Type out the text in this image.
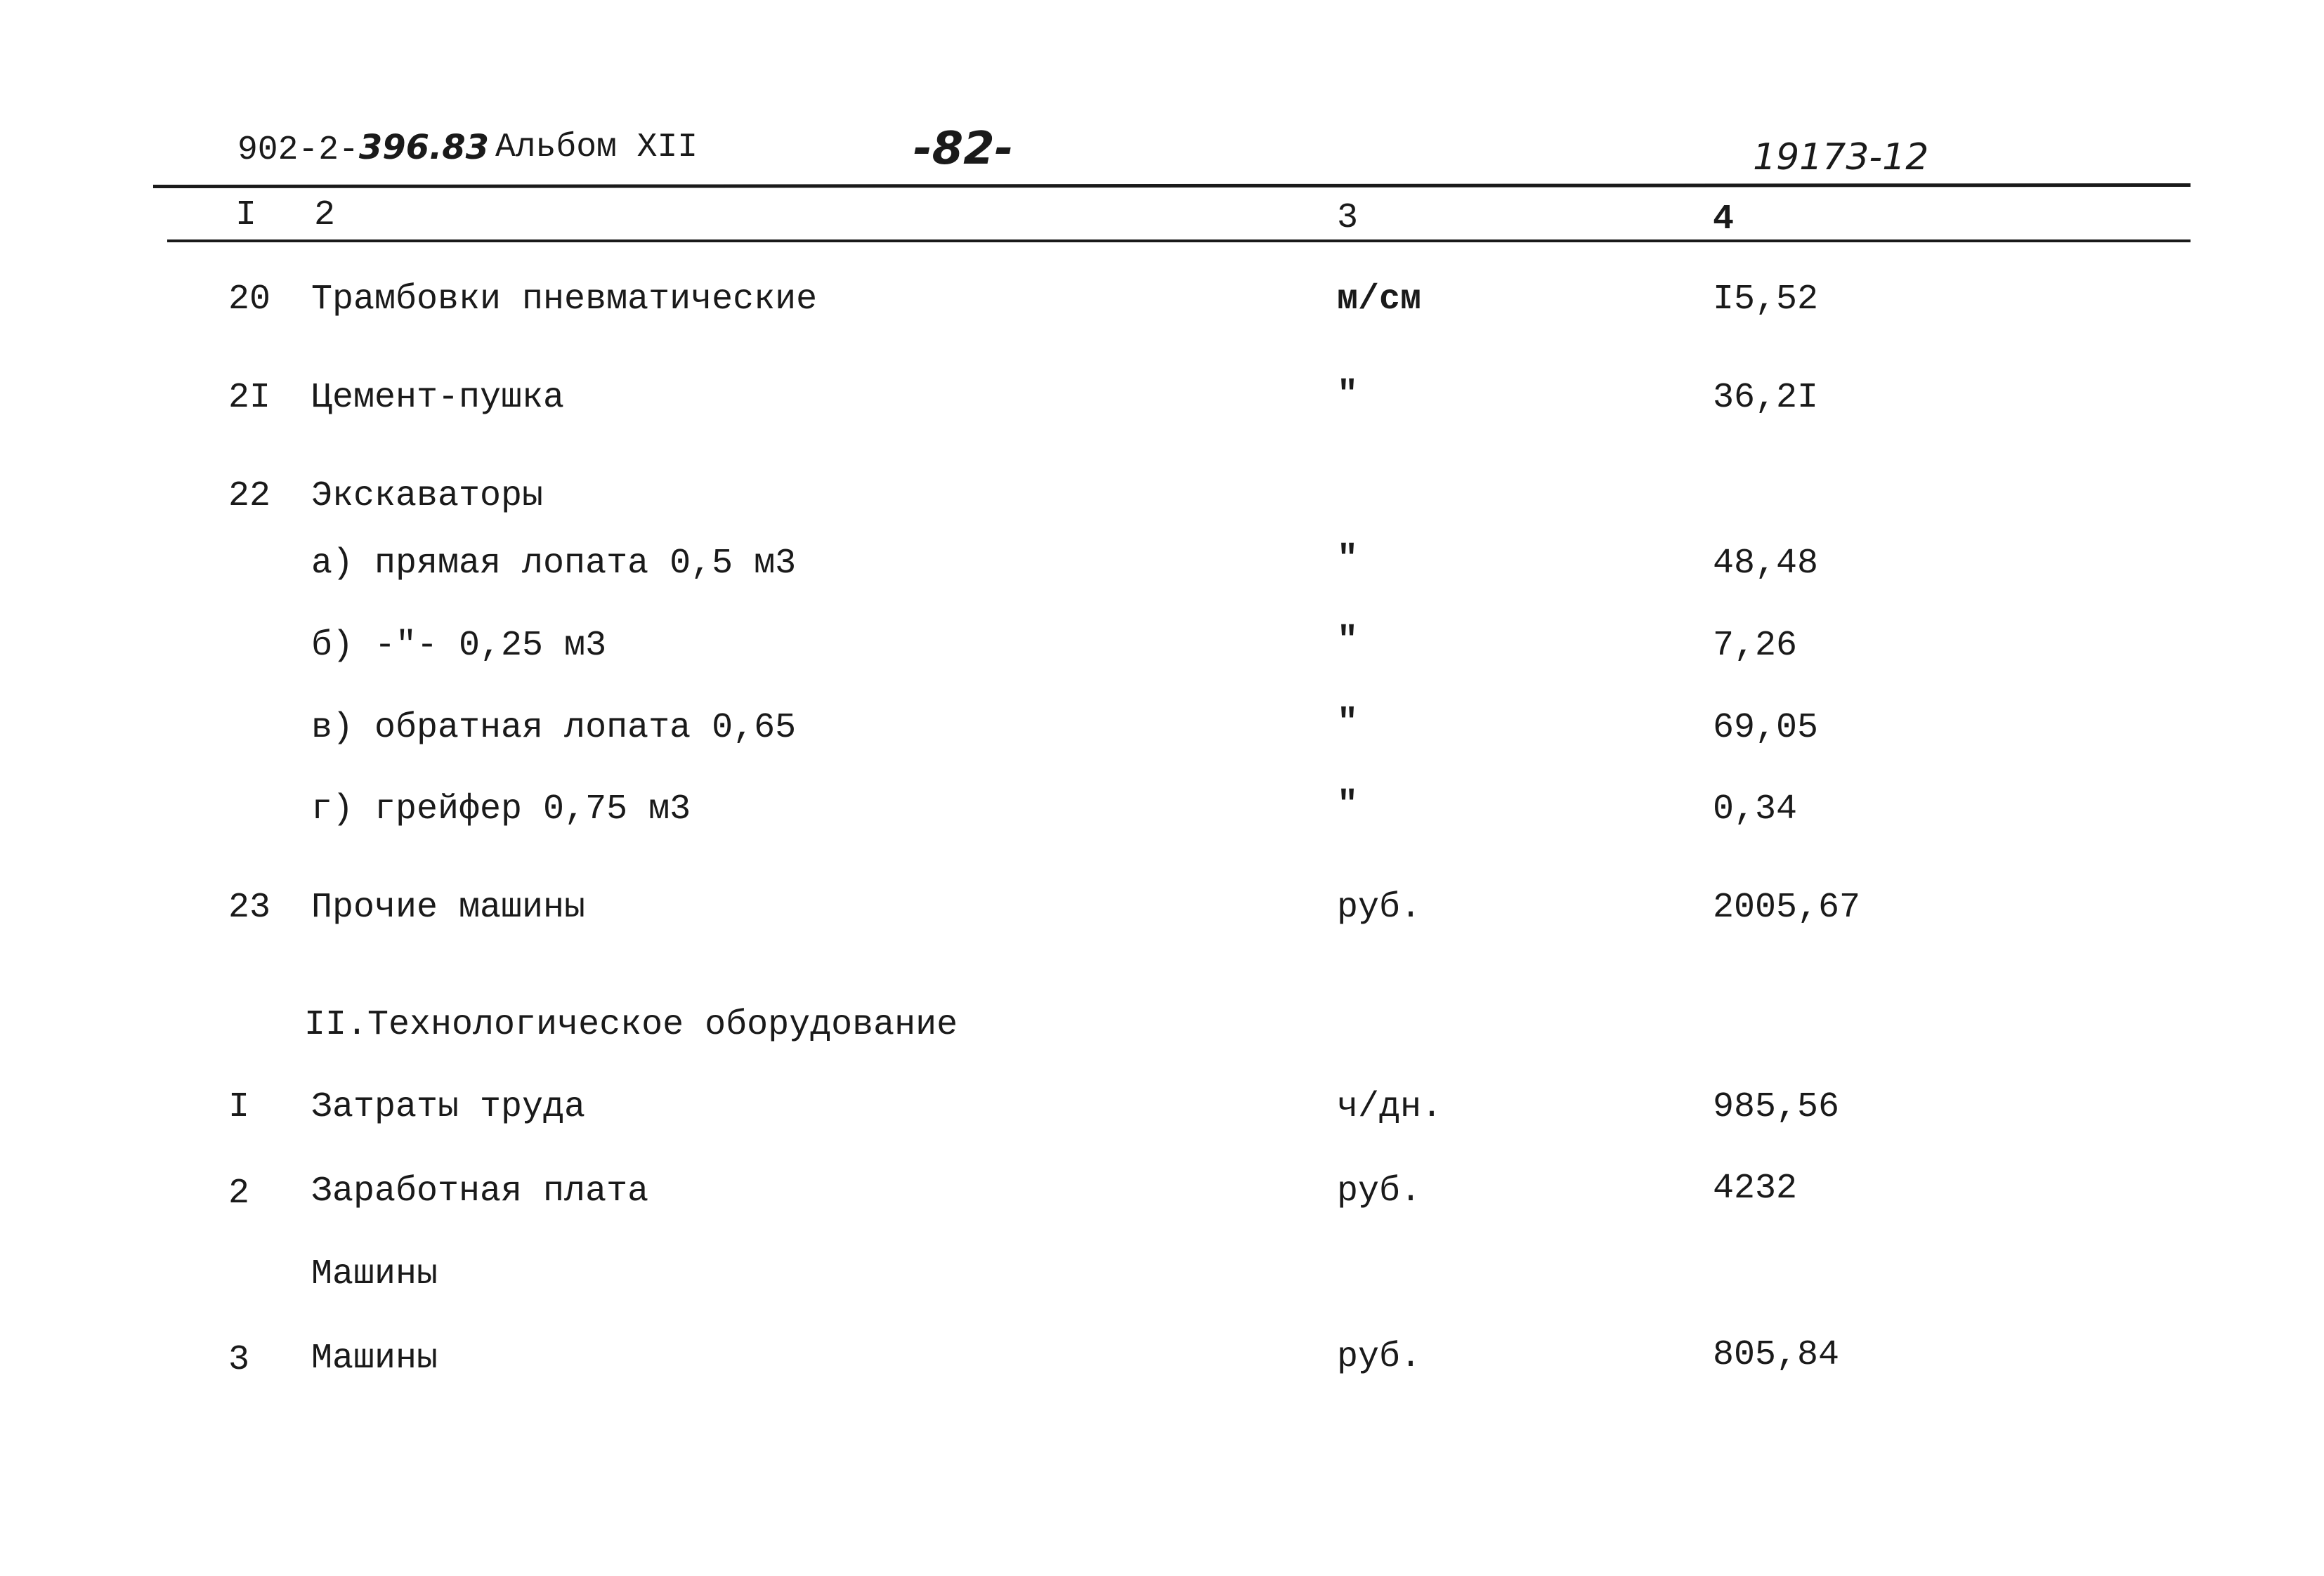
902-2-396.83 Альбом XII	-82-	19173-12
I 2	3	4
20 Трамбовки пневматические	м/см	I5,52
2I Цемент-пушка	"	36,2I
22 Экскаваторы
а) прямая лопата 0,5 м3	"	48,48
б) -"- 0,25 м3	"	7,26
в) обратная лопата 0,65	"	69,05
г) грейфер 0,75 м3	"	0,34
23 Прочие машины	руб.	2005,67
II.Технологическое оборудование
I Затраты труда	ч/дн.	985,56
2 Заработная плата	руб.	4232
Машины
3 Машины	руб.	805,84
